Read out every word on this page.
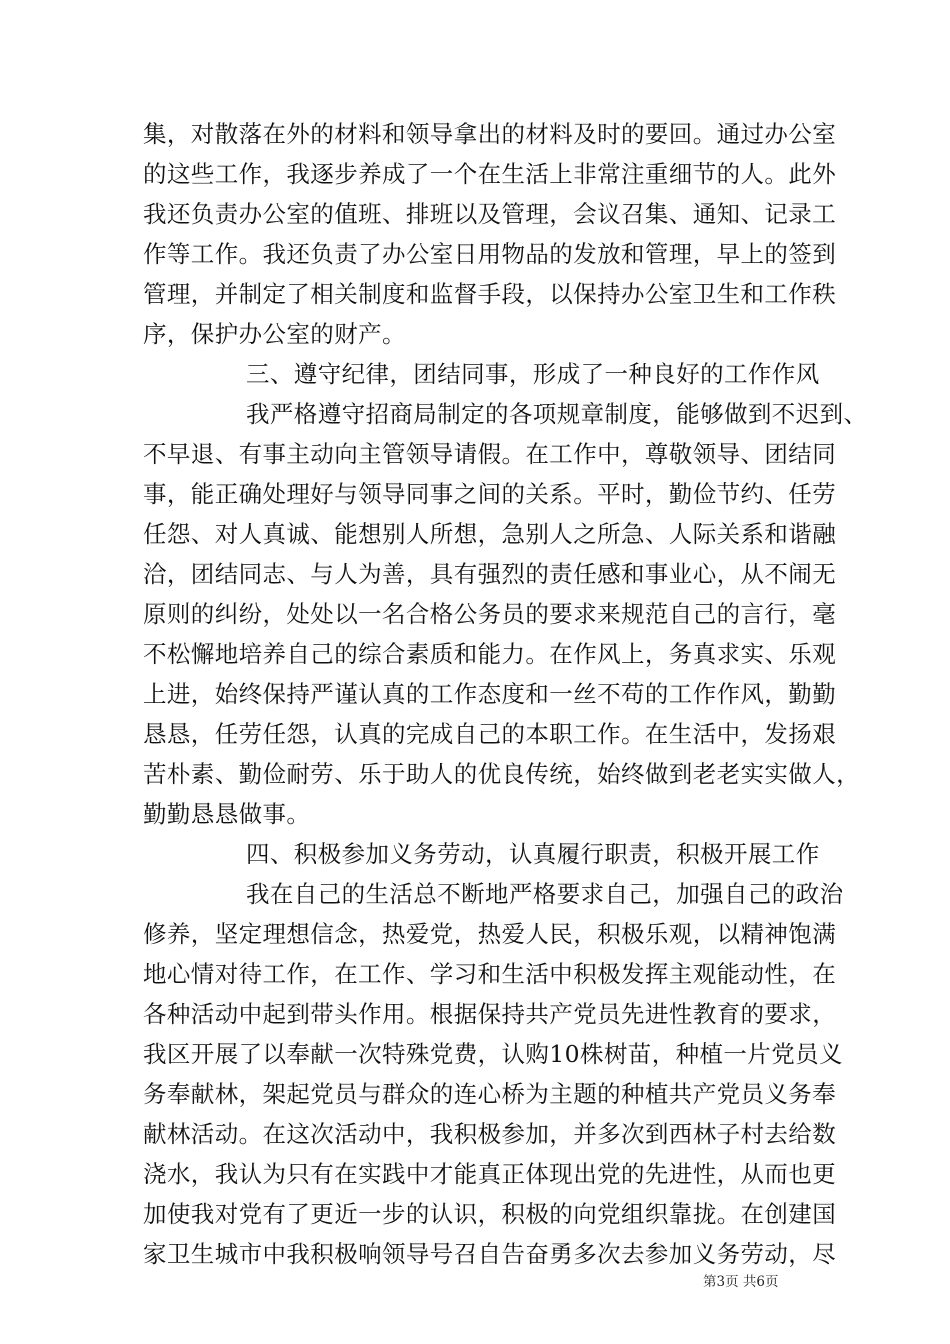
集，对散落在外的材料和领导拿出的材料及时的要回。通过办公室
的这些工作，我逐步养成了一个在生活上非常注重细节的人。此外
我还负责办公室的值班、排班以及管理，会议召集、通知、记录工
作等工作。我还负责了办公室日用物品的发放和管理，早上的签到
管理，并制定了相关制度和监督手段，以保持办公室卫生和工作秩
序，保护办公室的财产。
三、遵守纪律，团结同事，形成了一种良好的工作作风
我严格遵守招商局制定的各项规章制度，能够做到不迟到、
不早退、有事主动向主管领导请假。在工作中，尊敬领导、团结同
事，能正确处理好与领导同事之间的关系。平时，勤俭节约、任劳
任怨、对人真诚、能想别人所想，急别人之所急、人际关系和谐融
洽，团结同志、与人为善，具有强烈的责任感和事业心，从不闹无
原则的纠纷，处处以一名合格公务员的要求来规范自己的言行，毫
不松懈地培养自己的综合素质和能力。在作风上，务真求实、乐观
上进，始终保持严谨认真的工作态度和一丝不苟的工作作风，勤勤
恳恳，任劳任怨，认真的完成自己的本职工作。在生活中，发扬艰
苦朴素、勤俭耐劳、乐于助人的优良传统，始终做到老老实实做人，
勤勤恳恳做事。
四、积极参加义务劳动，认真履行职责，积极开展工作
我在自己的生活总不断地严格要求自己，加强自己的政治
修养，坚定理想信念，热爱党，热爱人民，积极乐观，以精神饱满
地心情对待工作，在工作、学习和生活中积极发挥主观能动性，在
各种活动中起到带头作用。根据保持共产党员先进性教育的要求，
我区开展了以奉献一次特殊党费，认购10株树苗，种植一片党员义
务奉献林，架起党员与群众的连心桥为主题的种植共产党员义务奉
献林活动。在这次活动中，我积极参加，并多次到西林子村去给数
浇水，我认为只有在实践中才能真正体现出党的先进性，从而也更
加使我对党有了更近一步的认识，积极的向党组织靠拢。在创建国
家卫生城市中我积极响领导号召自告奋勇多次去参加义务劳动，尽
第3页 共6页
